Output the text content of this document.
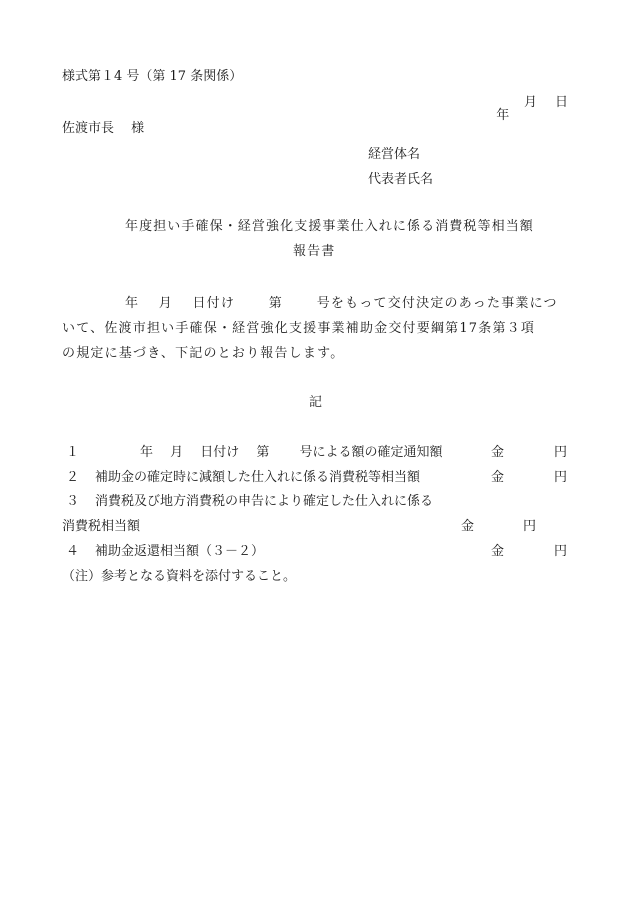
様式第１4 号（第 17 条関係）

年

月 日
佐渡市長　 様
経営体名
代表者氏名
年度担い手確保・経営強化支援事業仕入れに係る消費税等相当額
報告書
年　 月　 日付け　　 第　　 号をもって交付決定のあった事業につ
いて、佐渡市担い手確保・経営強化支援事業補助金交付要綱第17条第３項
の規定に基づき、下記のとおり報告します。
記
１	年　 月　 日付け　 第　　 号による額の確定通知額	金	円
２ 補助金の確定時に減額した仕入れに係る消費税等相当額	金	円
３ 消費税及び地方消費税の申告により確定した仕入れに係る
消費税相当額	金	円
４ 補助金返還相当額（３－２）	金	円
（注）参考となる資料を添付すること。
